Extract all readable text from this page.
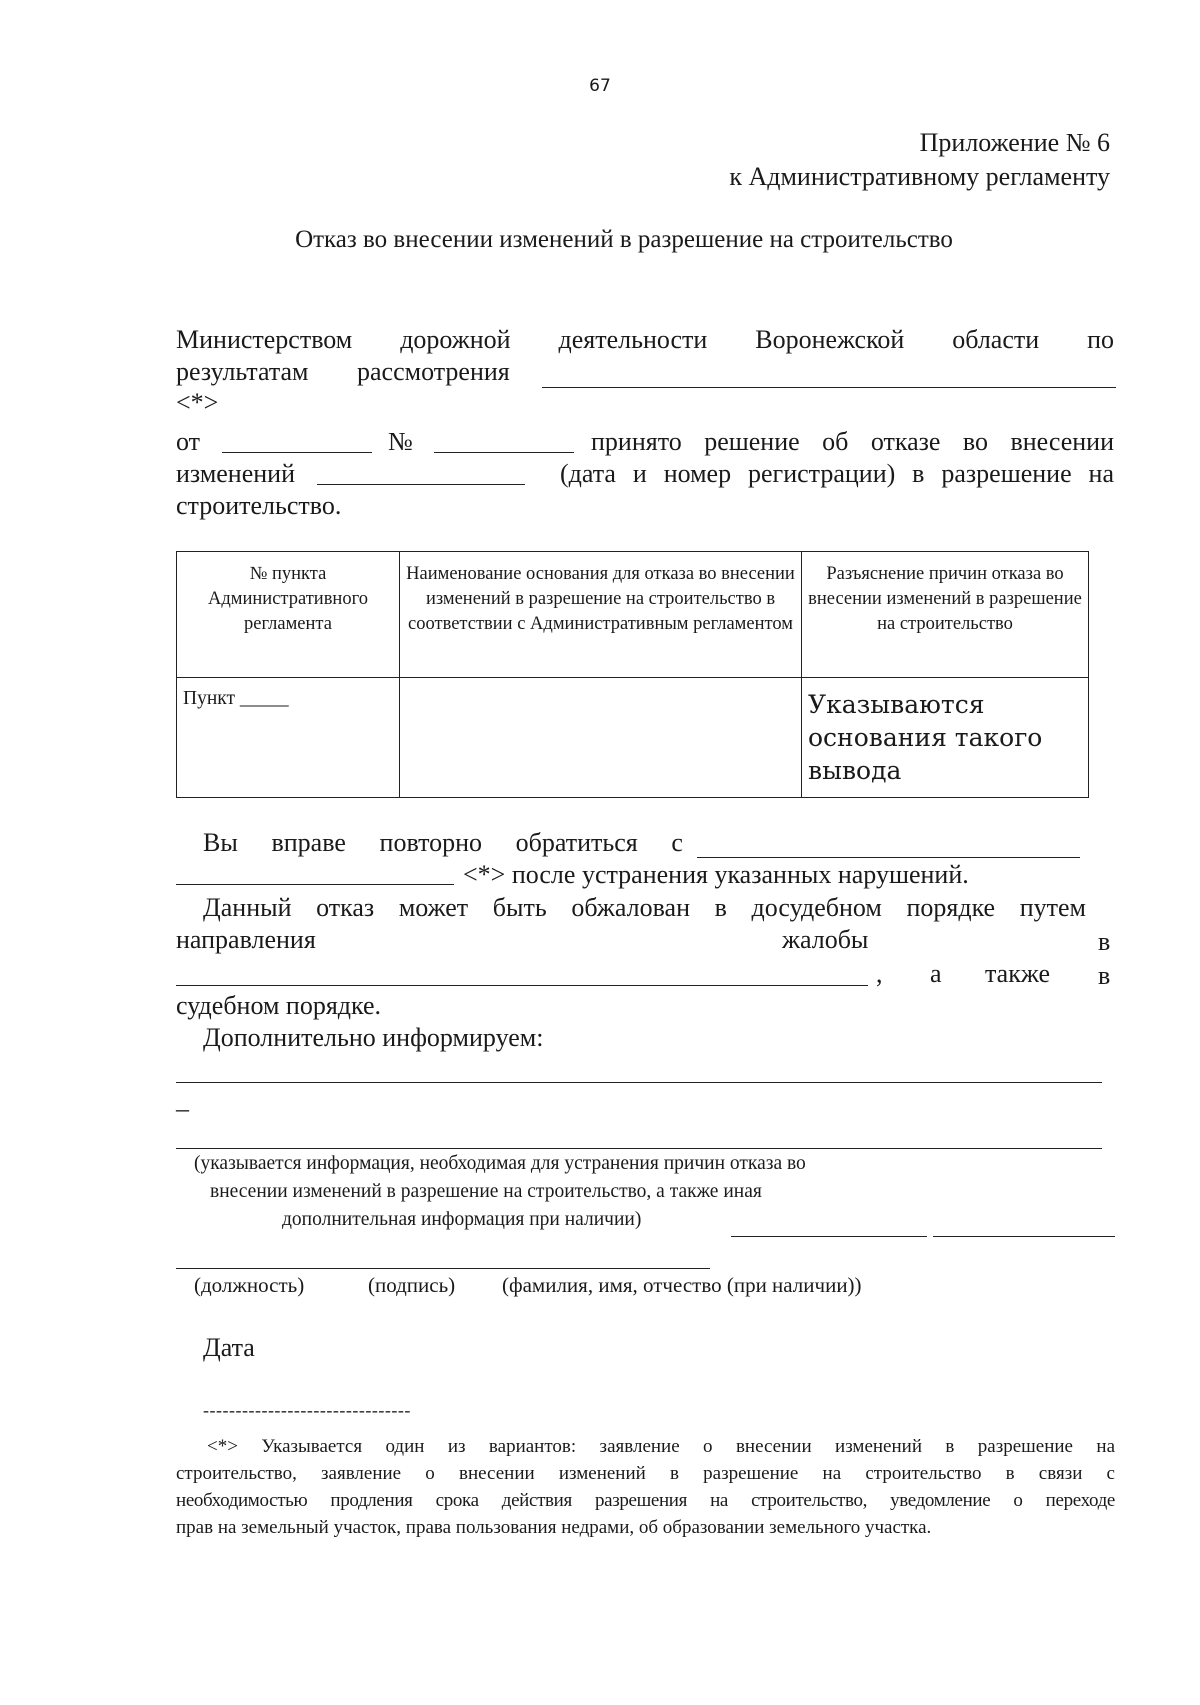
67
Приложение № 6
к Административному регламенту
Отказ во внесении изменений в разрешение на строительство
Министерством дорожной деятельности Воронежской области по
результатам рассмотрения
<*>
от	№	принято решение об отказе во внесении
изменений	(дата и номер регистрации) в разрешение на
строительство.
№ пункта Административного регламента	Наименование основания для отказа во внесении изменений в разрешение на строительство в соответствии с Административным регламентом	Разъяснение причин отказа во внесении изменений в разрешение на строительство
Пункт _____		Указываются основания такого вывода
Вы вправе повторно обратиться с
<*> после устранения указанных нарушений.
Данный отказ может быть обжалован в досудебном порядке путем
направления	жалобы	в
, а также в
судебном порядке.
Дополнительно информируем:
–
(указывается информация, необходимая для устранения причин отказа во
внесении изменений в разрешение на строительство, а также иная
дополнительная информация при наличии)
(должность)	(подпись) (фамилия, имя, отчество (при наличии))
Дата
--------------------------------
<*> Указывается один из вариантов: заявление о внесении изменений в разрешение на
строительство, заявление о внесении изменений в разрешение на строительство в связи с
необходимостью продления срока действия разрешения на строительство, уведомление о переходе
прав на земельный участок, права пользования недрами, об образовании земельного участка.
